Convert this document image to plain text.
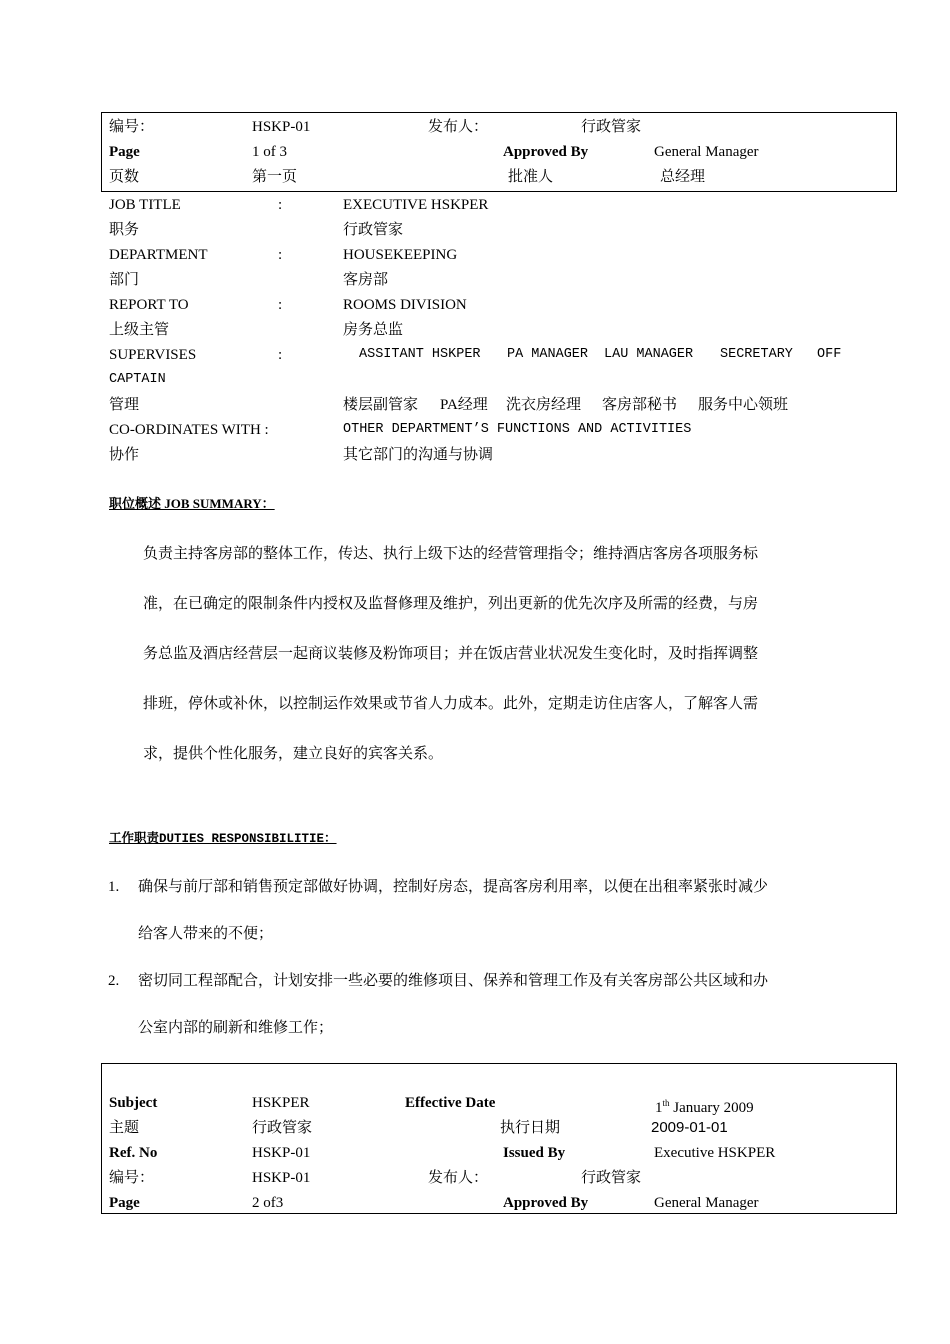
编号：	HSKP-01	发布人：	行政管家
Page	1 of 3	Approved By	General Manager
页数	第一页	批准人	总经理
JOB TITLE	:	EXECUTIVE HSKPER
职务	行政管家
DEPARTMENT	:	HOUSEKEEPING
部门	客房部
REPORT TO	:	ROOMS DIVISION
上级主管	房务总监
SUPERVISES	:	ASSITANT HSKPER PA MANAGER LAU MANAGER SECRETARY OFF
CAPTAIN
管理	楼层副管家 PA经理 洗衣房经理 客房部秘书 服务中心领班
CO-ORDINATES WITH :	OTHER DEPARTMENT’S FUNCTIONS AND ACTIVITIES
协作	其它部门的沟通与协调
职位概述 JOB SUMMARY：
负责主持客房部的整体工作，传达、执行上级下达的经营管理指令；维持酒店客房各项服务标
准，在已确定的限制条件内授权及监督修理及维护，列出更新的优先次序及所需的经费，与房
务总监及酒店经营层一起商议装修及粉饰项目；并在饭店营业状况发生变化时，及时指挥调整
排班，停休或补休，以控制运作效果或节省人力成本。此外，定期走访住店客人，了解客人需
求，提供个性化服务，建立良好的宾客关系。
工作职责DUTIES RESPONSIBILITIE：
1. 确保与前厅部和销售预定部做好协调，控制好房态，提高客房利用率，以便在出租率紧张时减少
给客人带来的不便；
2. 密切同工程部配合，计划安排一些必要的维修项目、保养和管理工作及有关客房部公共区域和办
公室内部的刷新和维修工作；
Subject	HSKPER	Effective Date	1th January 2009
主题	行政管家	执行日期	2009-01-01
Ref. No	HSKP-01	Issued By	Executive HSKPER
编号：	HSKP-01	发布人：	行政管家
Page	2 of3	Approved By	General Manager
